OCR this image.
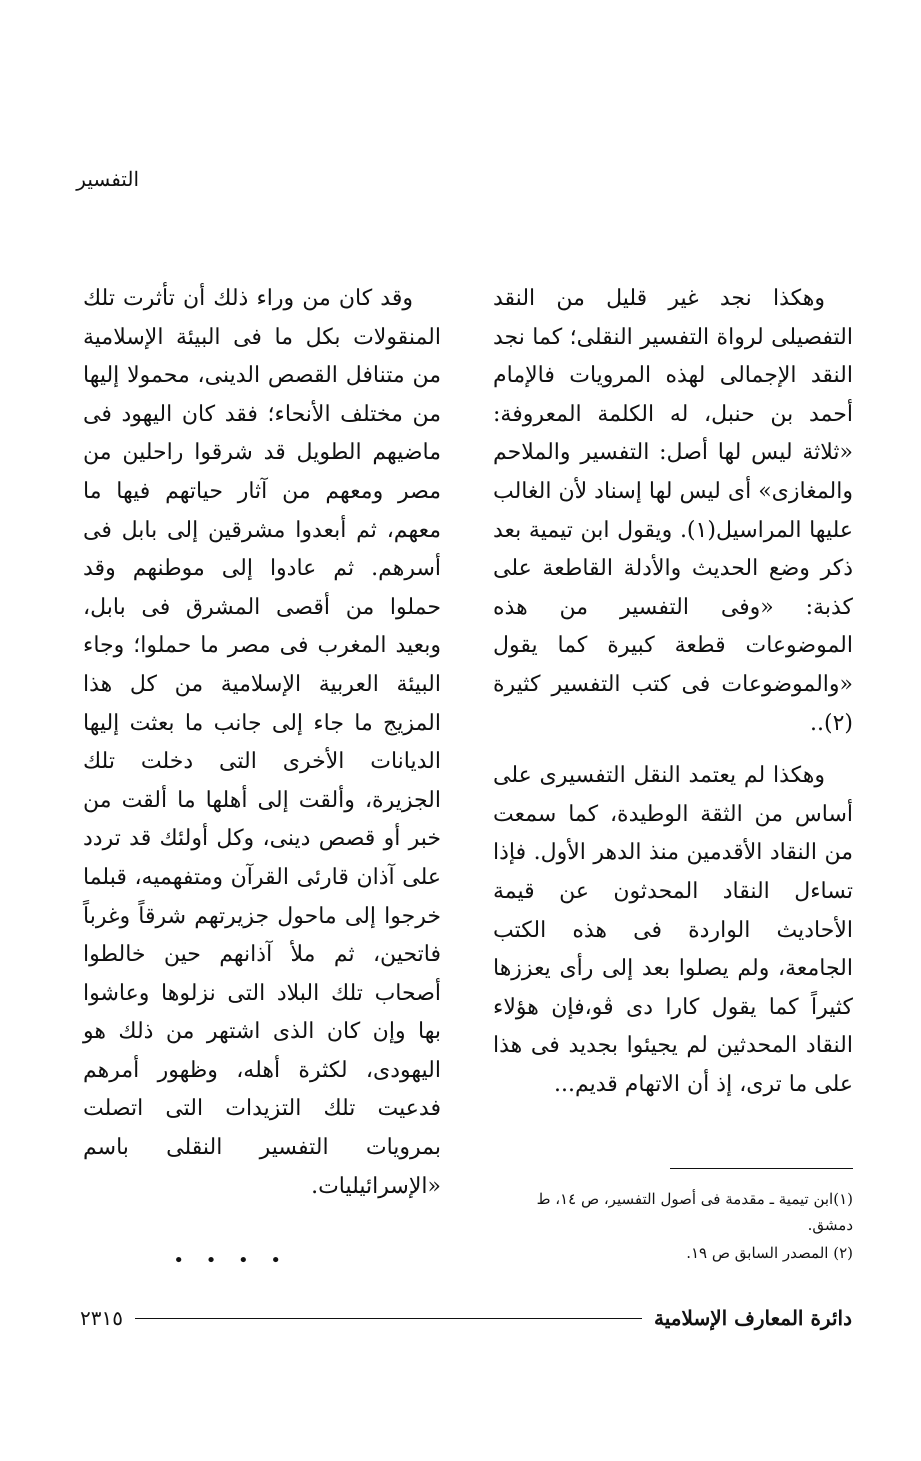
التفسير

وهكذا نجد غير قليل من النقد التفصيلى لرواة التفسير النقلى؛ كما نجد النقد الإجمالى لهذه المرويات فالإمام أحمد بن حنبل، له الكلمة المعروفة: «ثلاثة ليس لها أصل: التفسير والملاحم والمغازى» أى ليس لها إسناد لأن الغالب عليها المراسيل(١). ويقول ابن تيمية بعد ذكر وضع الحديث والأدلة القاطعة على كذبة: «وفى التفسير من هذه الموضوعات قطعة كبيرة كما يقول «والموضوعات فى كتب التفسير كثيرة (٢)..

وهكذا لم يعتمد النقل التفسيرى على أساس من الثقة الوطيدة، كما سمعت من النقاد الأقدمين منذ الدهر الأول. فإذا تساءل النقاد المحدثون عن قيمة الأحاديث الواردة فى هذه الكتب الجامعة، ولم يصلوا بعد إلى رأى يعززها كثيراً كما يقول كارا دى ڤو،فإن هؤلاء النقاد المحدثين لم يجيئوا بجديد فى هذا على ما ترى، إذ أن الاتهام قديم...

وقد كان من وراء ذلك أن تأثرت تلك المنقولات بكل ما فى البيئة الإسلامية من متنافل القصص الدينى، محمولا إليها من مختلف الأنحاء؛ فقد كان اليهود فى ماضيهم الطويل قد شرقوا راحلين من مصر ومعهم من آثار حياتهم فيها ما معهم، ثم أبعدوا مشرقين إلى بابل فى أسرهم. ثم عادوا إلى موطنهم وقد حملوا من أقصى المشرق فى بابل، وبعيد المغرب فى مصر ما حملوا؛ وجاء البيئة العربية الإسلامية من كل هذا المزيج ما جاء إلى جانب ما بعثت إليها الديانات الأخرى التى دخلت تلك الجزيرة، وألقت إلى أهلها ما ألقت من خبر أو قصص دينى، وكل أولئك قد تردد على آذان قارئى القرآن ومتفهميه، قبلما خرجوا إلى ماحول جزيرتهم شرقاً وغرباً فاتحين، ثم ملأ آذانهم حين خالطوا أصحاب تلك البلاد التى نزلوها وعاشوا بها وإن كان الذى اشتهر من ذلك هو اليهودى، لكثرة أهله، وظهور أمرهم فدعيت تلك التزيدات التى اتصلت بمرويات التفسير النقلى باسم «الإسرائيليات.

(١)ابن تيمية ـ مقدمة فى أصول التفسير، ص ١٤، ط دمشق.
(٢) المصدر السابق ص ١٩.
• • • •
دائرة المعارف الإسلامية
٢٣١٥
